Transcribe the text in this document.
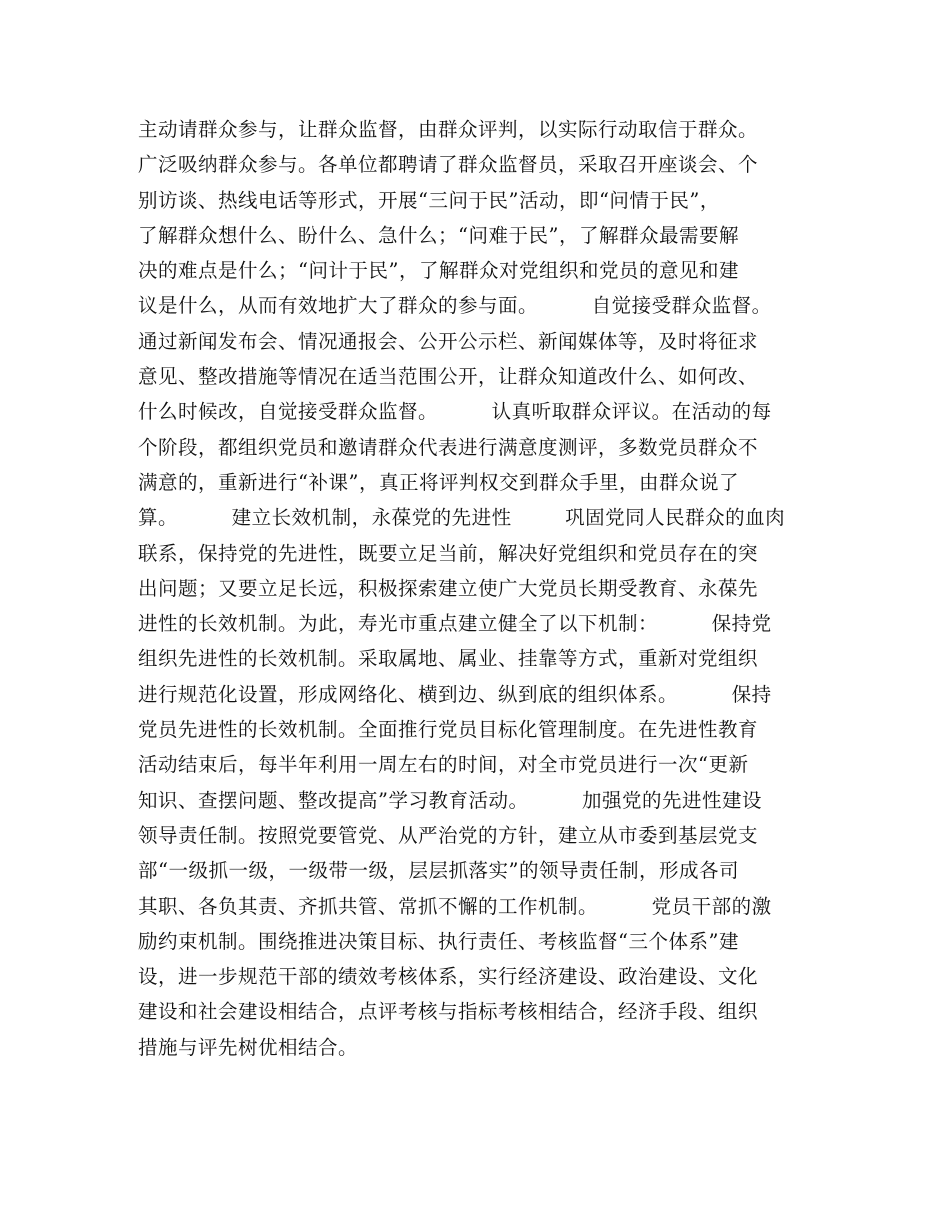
主动请群众参与，让群众监督，由群众评判，以实际行动取信于群众。
广泛吸纳群众参与。各单位都聘请了群众监督员，采取召开座谈会、个
别访谈、热线电话等形式，开展“三问于民”活动，即“问情于民”，
了解群众想什么、盼什么、急什么；“问难于民”，了解群众最需要解
决的难点是什么；“问计于民”，了解群众对党组织和党员的意见和建
议是什么，从而有效地扩大了群众的参与面。        自觉接受群众监督。
通过新闻发布会、情况通报会、公开公示栏、新闻媒体等，及时将征求
意见、整改措施等情况在适当范围公开，让群众知道改什么、如何改、
什么时候改，自觉接受群众监督。        认真听取群众评议。在活动的每
个阶段，都组织党员和邀请群众代表进行满意度测评，多数党员群众不
满意的，重新进行“补课”，真正将评判权交到群众手里，由群众说了
算。        建立长效机制，永葆党的先进性        巩固党同人民群众的血肉
联系，保持党的先进性，既要立足当前，解决好党组织和党员存在的突
出问题；又要立足长远，积极探索建立使广大党员长期受教育、永葆先
进性的长效机制。为此，寿光市重点建立健全了以下机制：        保持党
组织先进性的长效机制。采取属地、属业、挂靠等方式，重新对党组织
进行规范化设置，形成网络化、横到边、纵到底的组织体系。        保持
党员先进性的长效机制。全面推行党员目标化管理制度。在先进性教育
活动结束后，每半年利用一周左右的时间，对全市党员进行一次“更新
知识、查摆问题、整改提高”学习教育活动。        加强党的先进性建设
领导责任制。按照党要管党、从严治党的方针，建立从市委到基层党支
部“一级抓一级，一级带一级，层层抓落实”的领导责任制，形成各司
其职、各负其责、齐抓共管、常抓不懈的工作机制。        党员干部的激
励约束机制。围绕推进决策目标、执行责任、考核监督“三个体系”建
设，进一步规范干部的绩效考核体系，实行经济建设、政治建设、文化
建设和社会建设相结合，点评考核与指标考核相结合，经济手段、组织
措施与评先树优相结合。
